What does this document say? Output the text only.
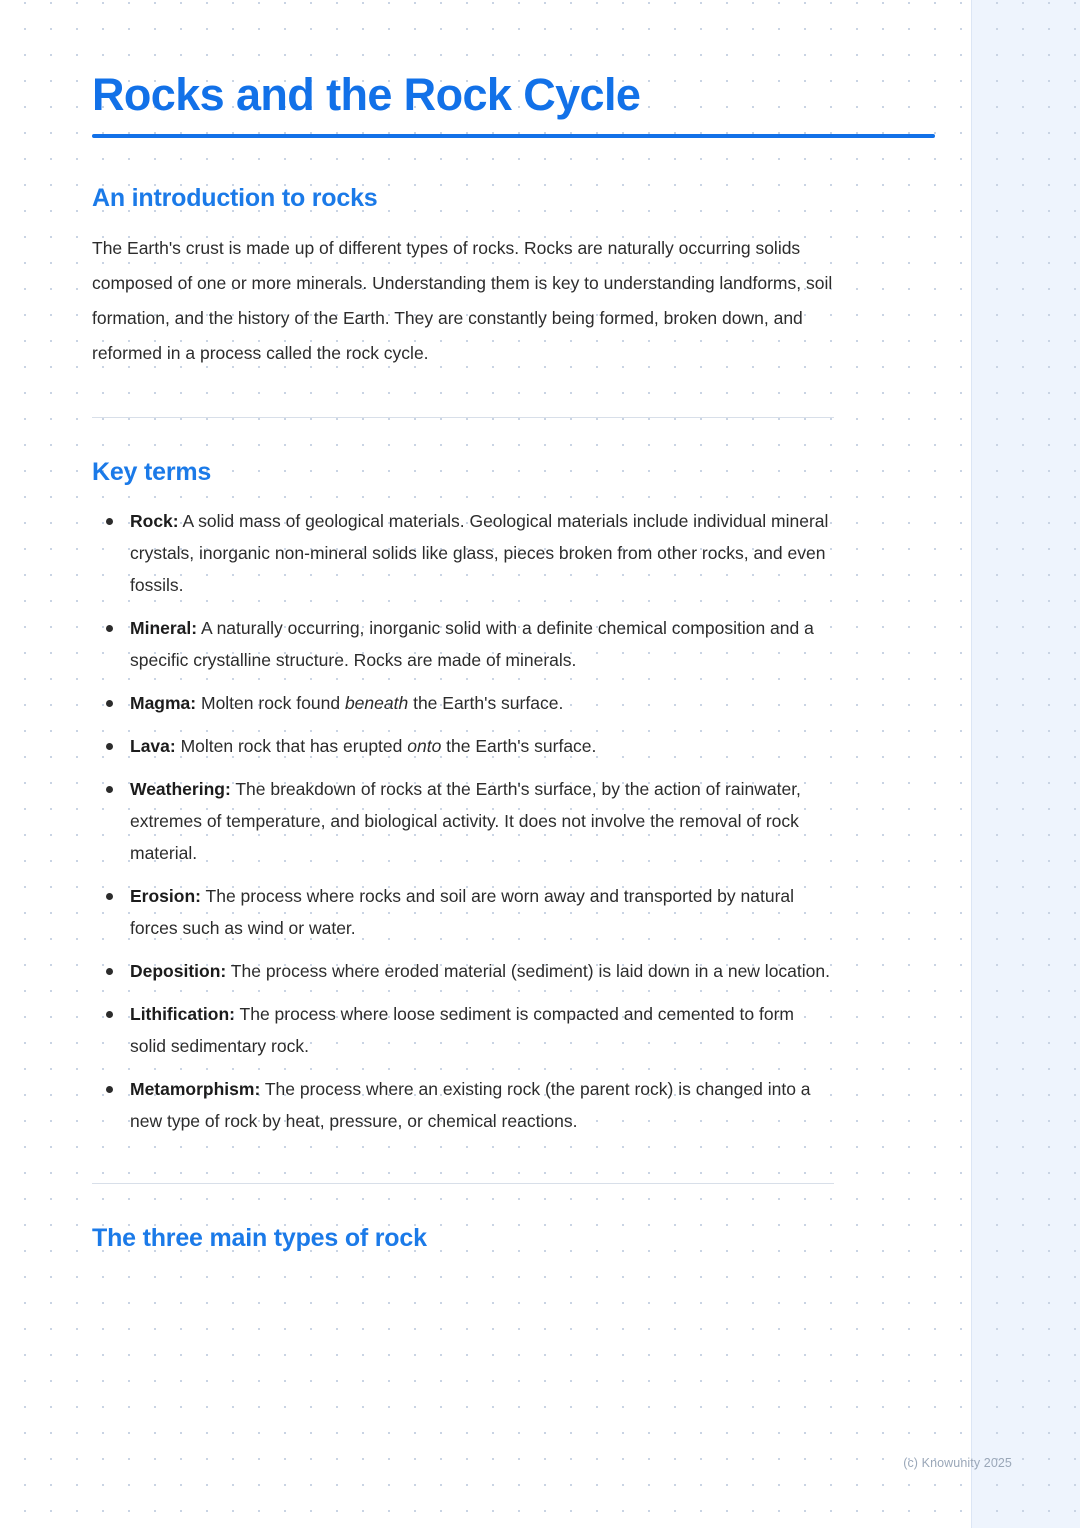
Rocks and the Rock Cycle
An introduction to rocks

The Earth's crust is made up of different types of rocks. Rocks are naturally occurring solids composed of one or more minerals. Understanding them is key to understanding landforms, soil formation, and the history of the Earth. They are constantly being formed, broken down, and reformed in a process called the rock cycle.

Key terms
Rock: A solid mass of geological materials. Geological materials include individual mineral crystals, inorganic non-mineral solids like glass, pieces broken from other rocks, and even fossils.
Mineral: A naturally occurring, inorganic solid with a definite chemical composition and a specific crystalline structure. Rocks are made of minerals.
Magma: Molten rock found beneath the Earth's surface.
Lava: Molten rock that has erupted onto the Earth's surface.
Weathering: The breakdown of rocks at the Earth's surface, by the action of rainwater, extremes of temperature, and biological activity. It does not involve the removal of rock material.
Erosion: The process where rocks and soil are worn away and transported by natural forces such as wind or water.
Deposition: The process where eroded material (sediment) is laid down in a new location.
Lithification: The process where loose sediment is compacted and cemented to form solid sedimentary rock.
Metamorphism: The process where an existing rock (the parent rock) is changed into a new type of rock by heat, pressure, or chemical reactions.
The three main types of rock
(c) Knowunity 2025
